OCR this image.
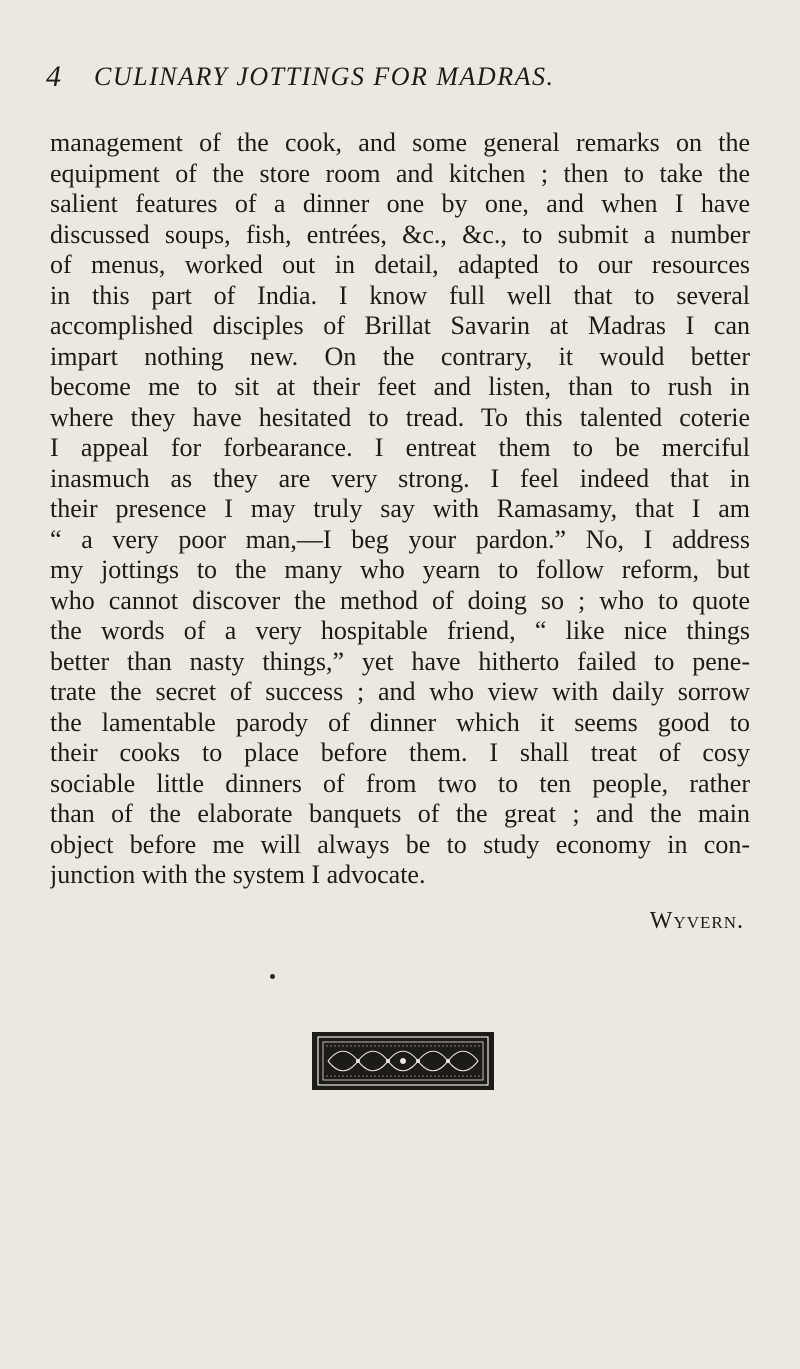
4 CULINARY JOTTINGS FOR MADRAS.
management of the cook, and some general remarks on the
equipment of the store room and kitchen ; then to take the
salient features of a dinner one by one, and when I have
discussed soups, fish, entrées, &c., &c., to submit a number
of menus, worked out in detail, adapted to our resources
in this part of India. I know full well that to several
accomplished disciples of Brillat Savarin at Madras I can
impart nothing new. On the contrary, it would better
become me to sit at their feet and listen, than to rush in
where they have hesitated to tread. To this talented coterie
I appeal for forbearance. I entreat them to be merciful
inasmuch as they are very strong. I feel indeed that in
their presence I may truly say with Ramasamy, that I am
“ a very poor man,—I beg your pardon.” No, I address
my jottings to the many who yearn to follow reform, but
who cannot discover the method of doing so ; who to quote
the words of a very hospitable friend, “ like nice things
better than nasty things,” yet have hitherto failed to pene-
trate the secret of success ; and who view with daily sorrow
the lamentable parody of dinner which it seems good to
their cooks to place before them. I shall treat of cosy
sociable little dinners of from two to ten people, rather
than of the elaborate banquets of the great ; and the main
object before me will always be to study economy in con-
junction with the system I advocate.
Wyvern.
